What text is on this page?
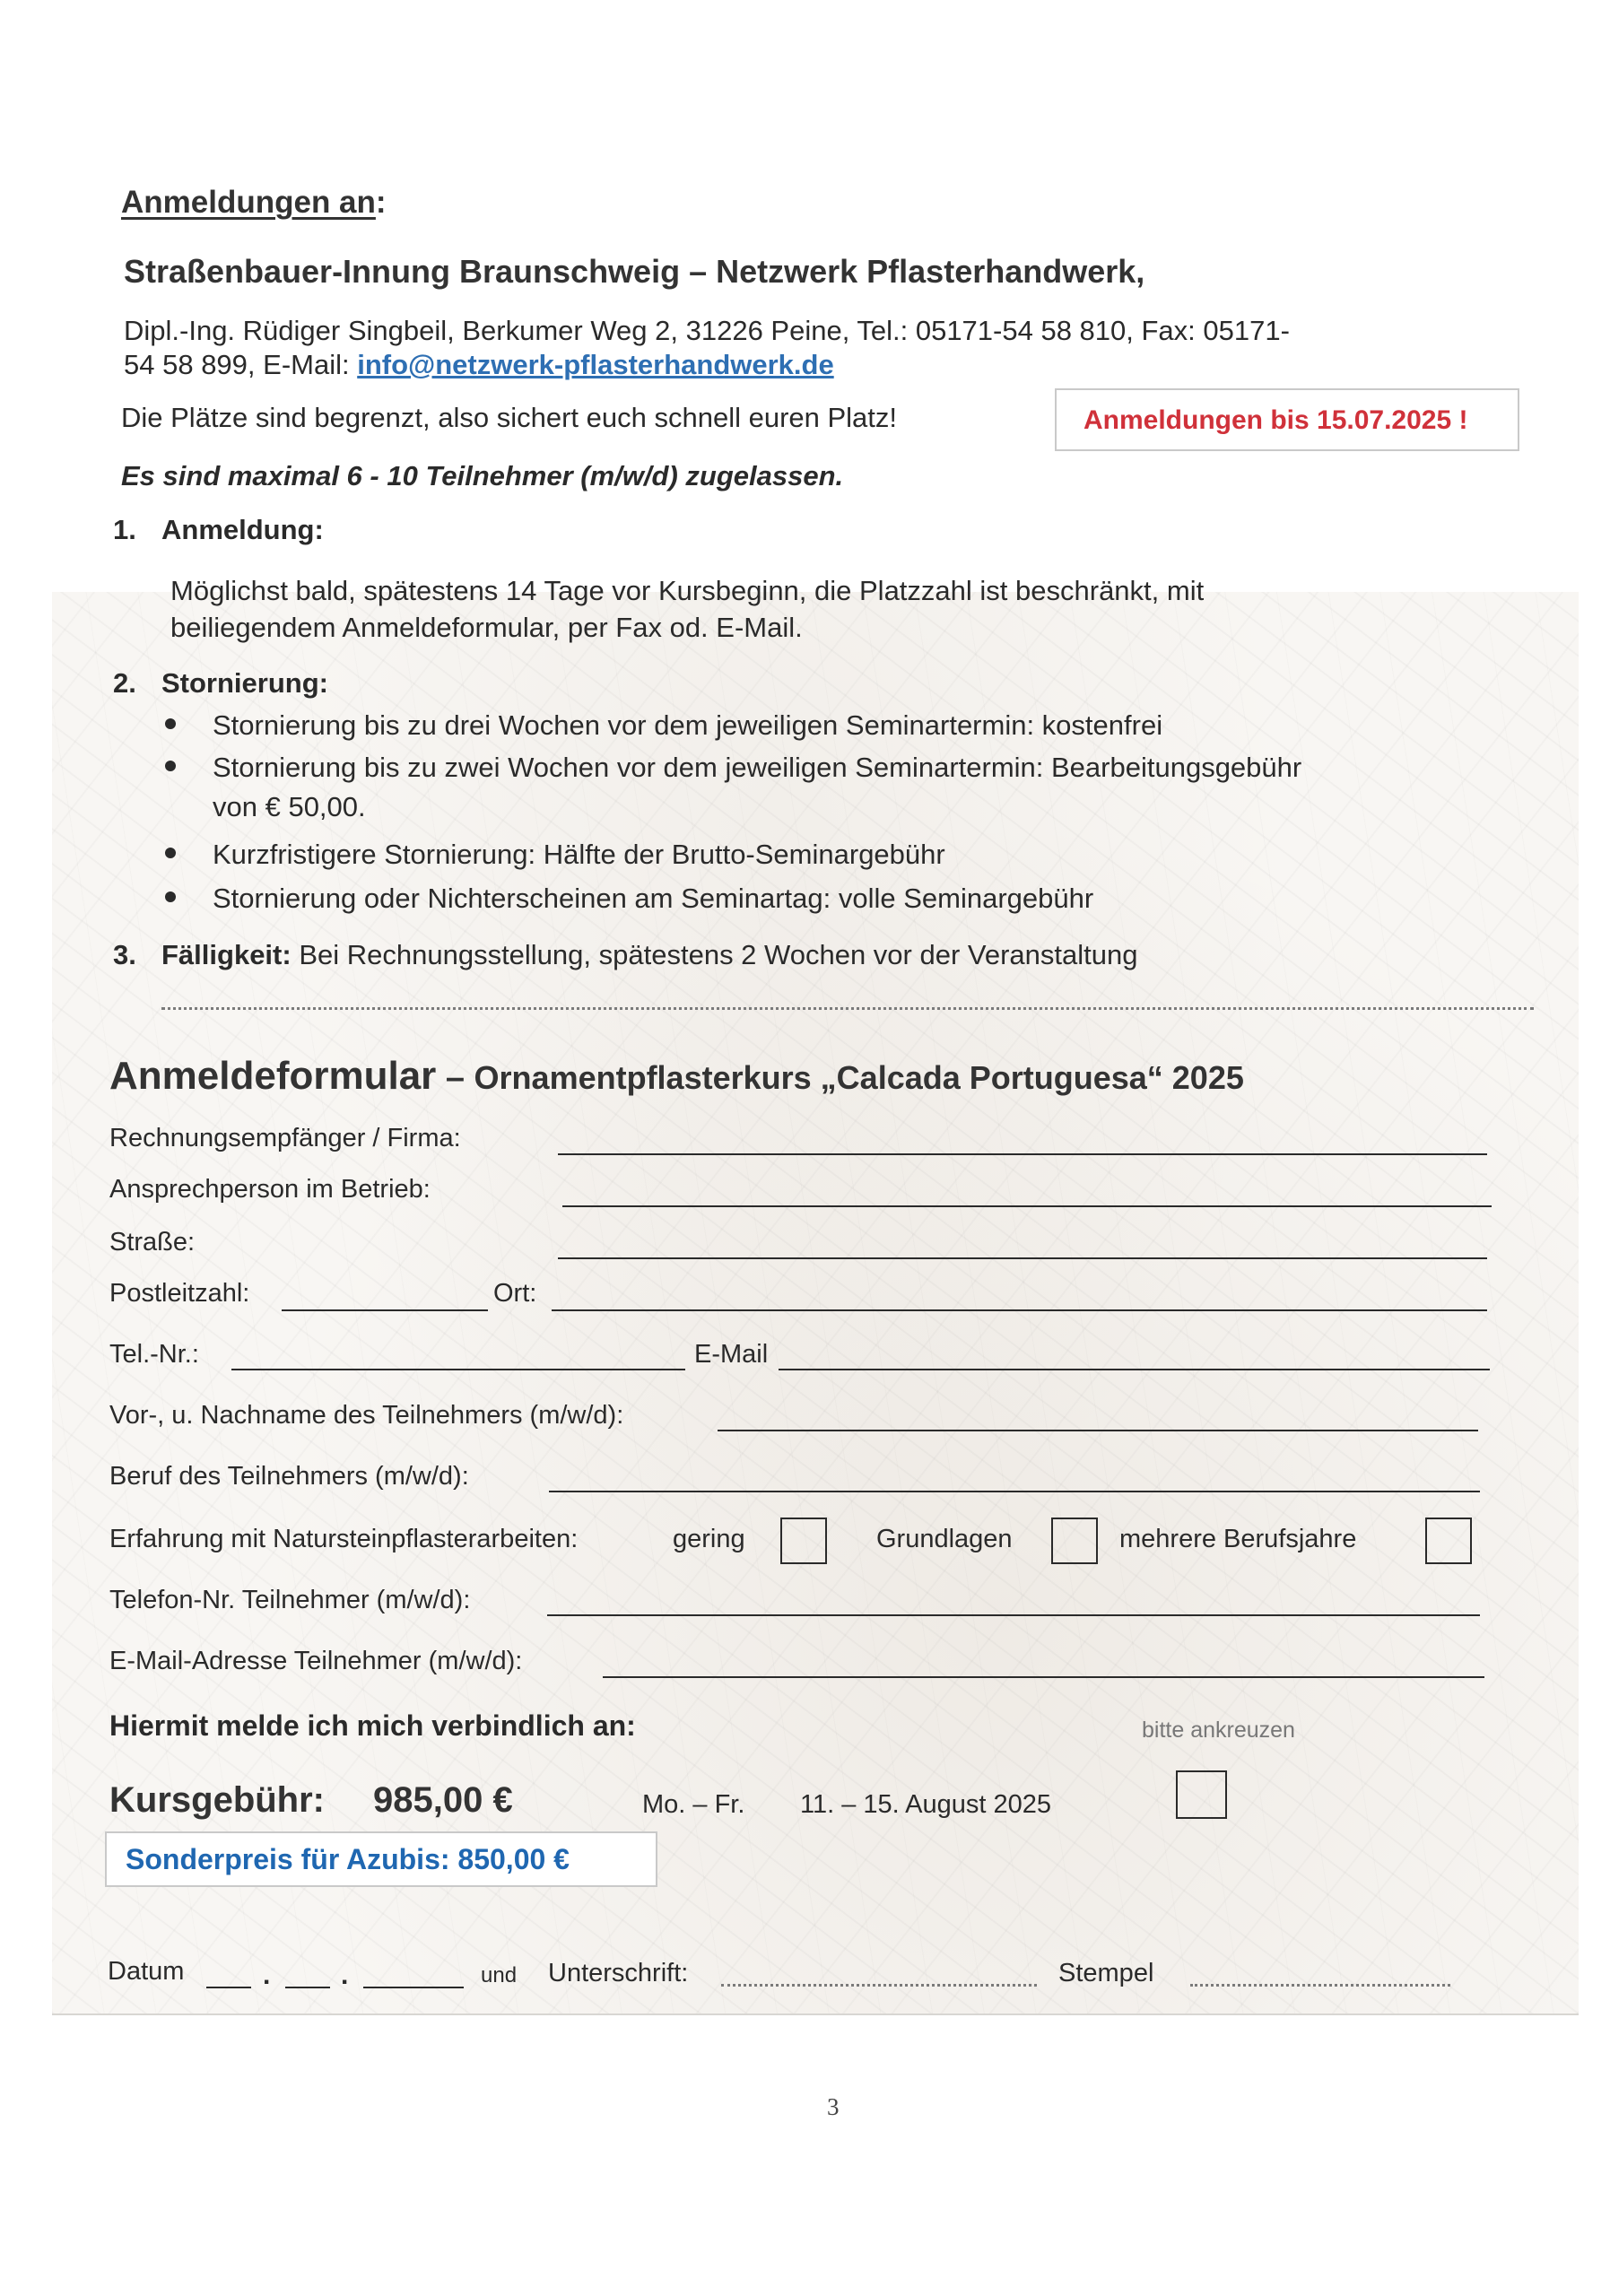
Anmeldungen an:
Straßenbauer-Innung Braunschweig – Netzwerk Pflasterhandwerk,
Dipl.-Ing. Rüdiger Singbeil, Berkumer Weg 2, 31226 Peine, Tel.: 05171-54 58 810, Fax: 05171-
54 58 899, E-Mail: info@netzwerk-pflasterhandwerk.de
Die Plätze sind begrenzt, also sichert euch schnell euren Platz!	Anmeldungen bis 15.07.2025 !
Es sind maximal 6 - 10 Teilnehmer (m/w/d) zugelassen.
1. Anmeldung:
Möglichst bald, spätestens 14 Tage vor Kursbeginn, die Platzzahl ist beschränkt, mit
beiliegendem Anmeldeformular, per Fax od. E-Mail.
2. Stornierung:
Stornierung bis zu drei Wochen vor dem jeweiligen Seminartermin: kostenfrei
Stornierung bis zu zwei Wochen vor dem jeweiligen Seminartermin: Bearbeitungsgebühr
von € 50,00.
Kurzfristigere Stornierung: Hälfte der Brutto-Seminargebühr
Stornierung oder Nichterscheinen am Seminartag: volle Seminargebühr
3. Fälligkeit: Bei Rechnungsstellung, spätestens 2 Wochen vor der Veranstaltung
Anmeldeformular – Ornamentpflasterkurs „Calcada Portuguesa“ 2025
Rechnungsempfänger / Firma:
Ansprechperson im Betrieb:
Straße:
Postleitzahl:	Ort:
Tel.-Nr.:	E-Mail
Vor-, u. Nachname des Teilnehmers (m/w/d):
Beruf des Teilnehmers (m/w/d):
Erfahrung mit Natursteinpflasterarbeiten:	gering	Grundlagen	mehrere Berufsjahre
Telefon-Nr. Teilnehmer (m/w/d):
E-Mail-Adresse Teilnehmer (m/w/d):
Hiermit melde ich mich verbindlich an:	bitte ankreuzen
Kursgebühr: 985,00 €	Mo. – Fr. 11. – 15. August 2025
Sonderpreis für Azubis: 850,00 €
Datum	.	.	und Unterschrift:	Stempel
3
